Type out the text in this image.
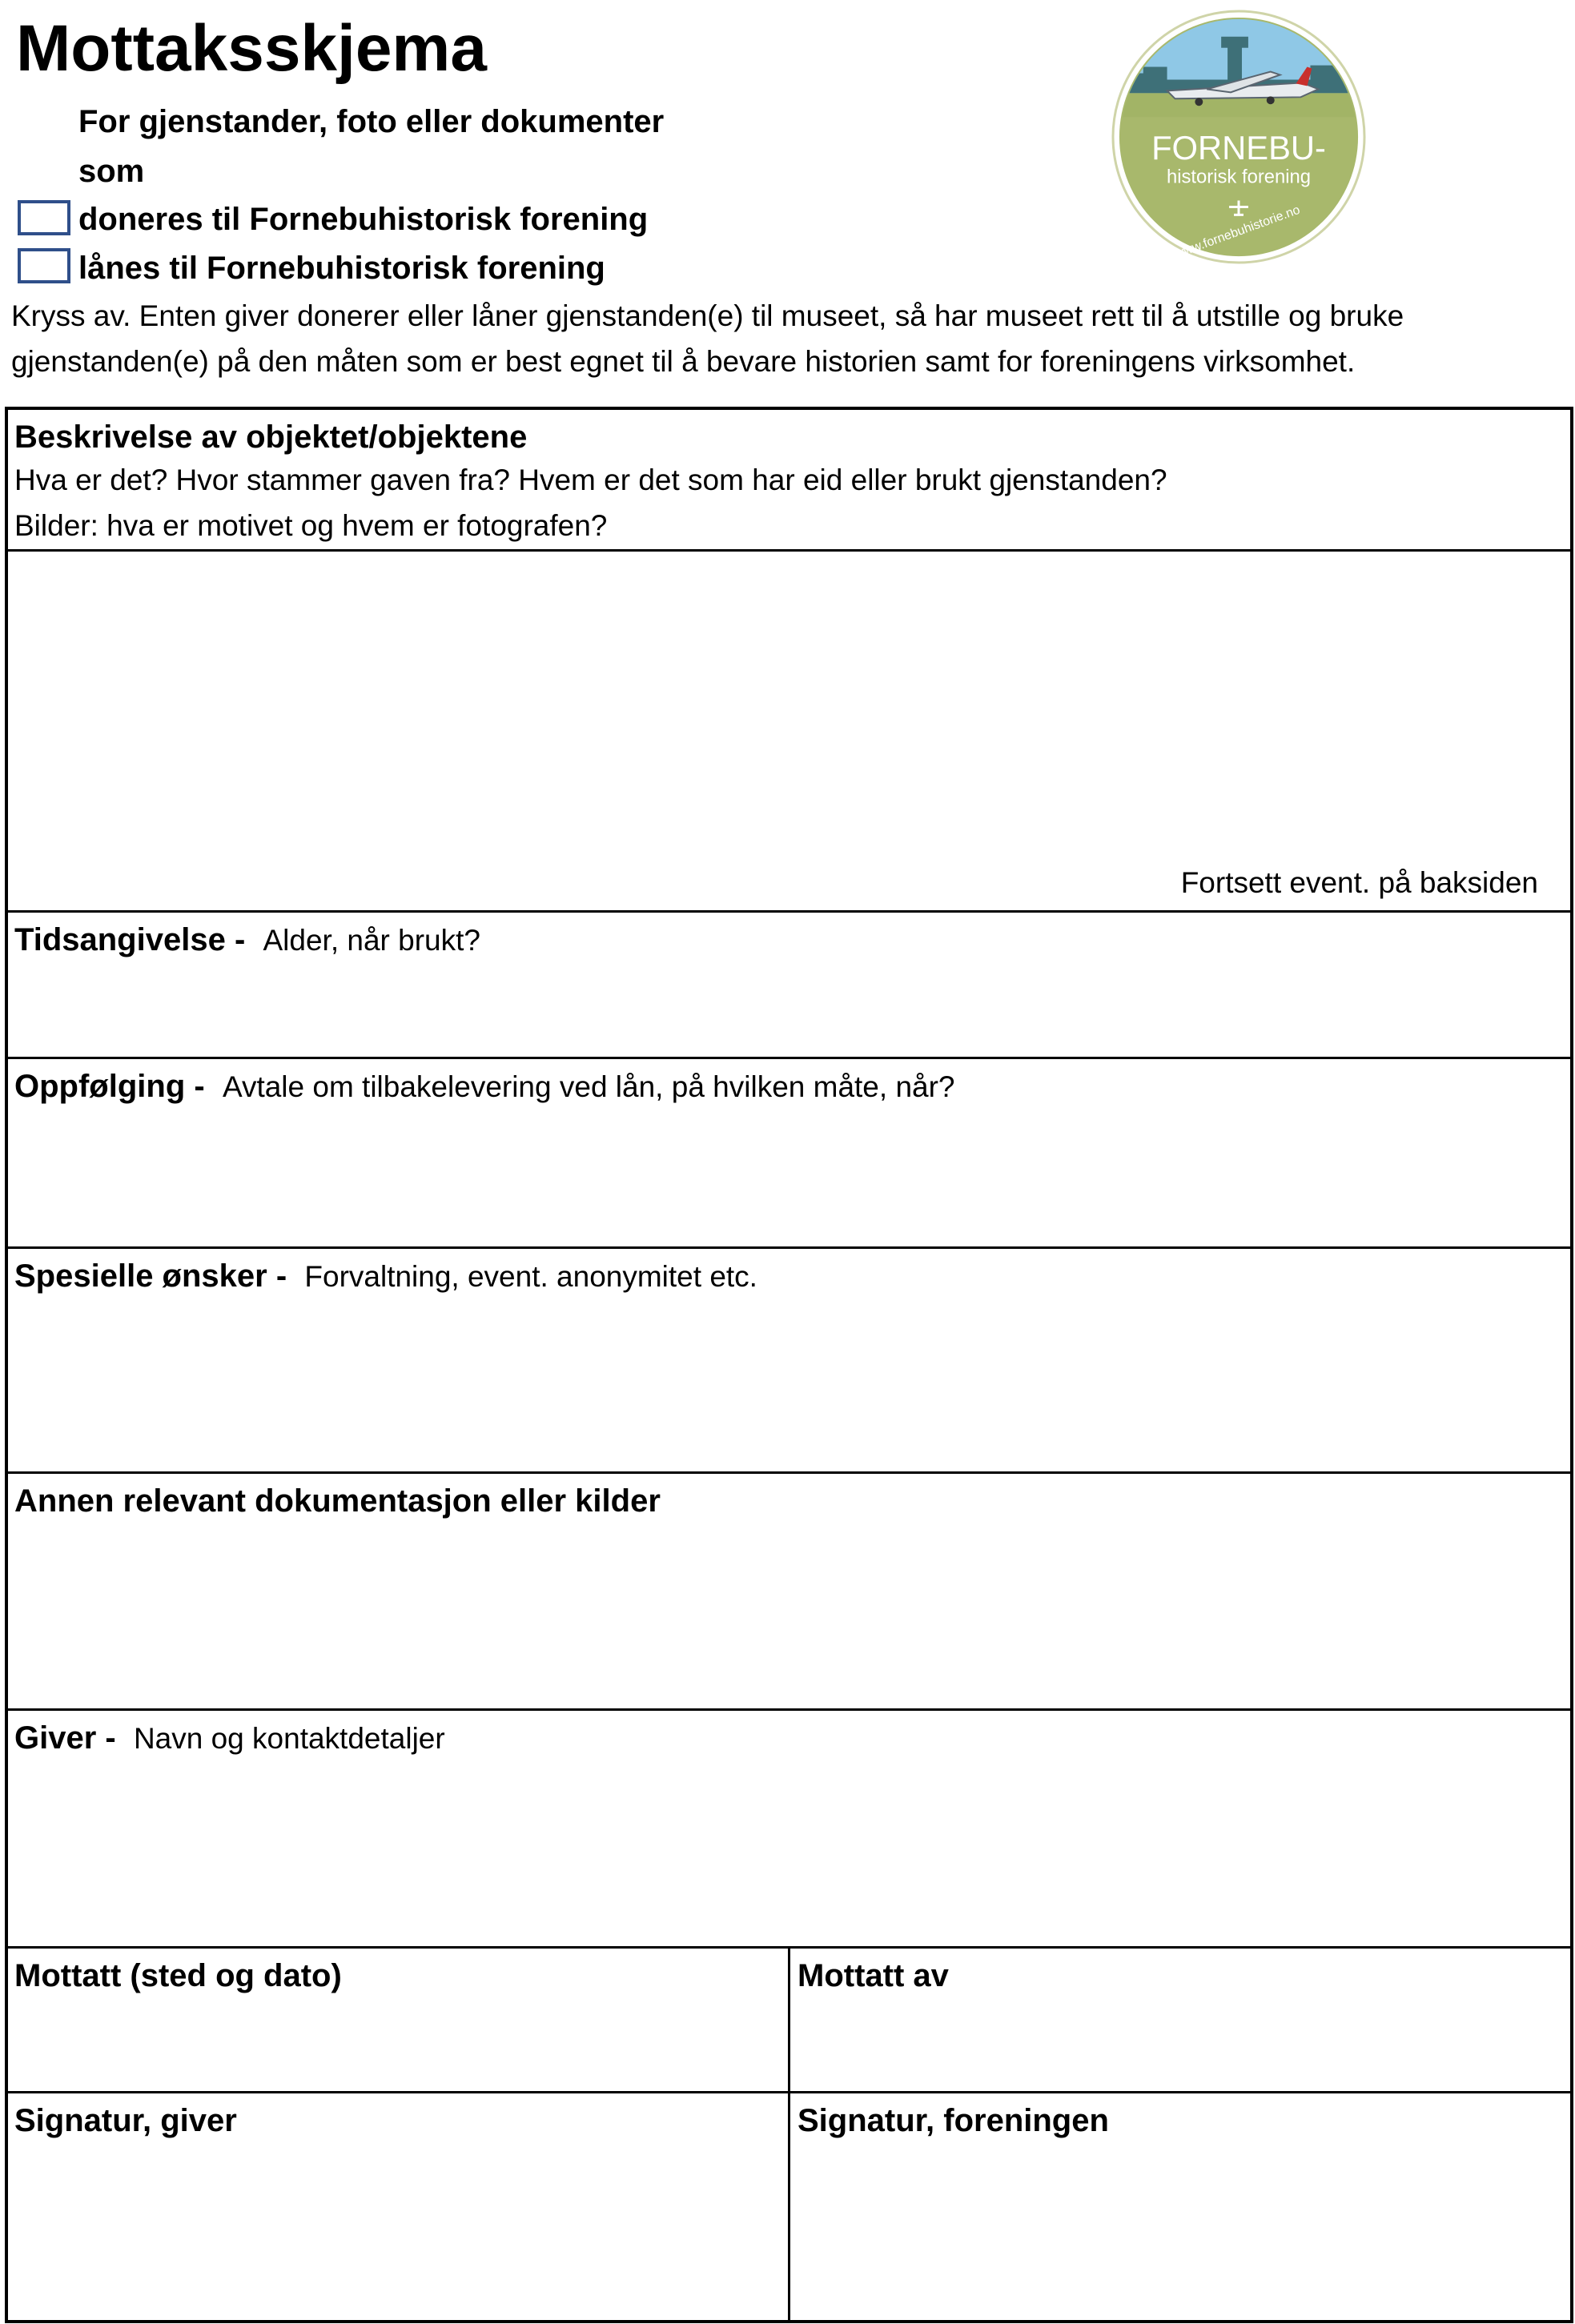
Mottaksskjema
For gjenstander, foto eller dokumenter
som
doneres til Fornebuhistorisk forening
lånes til Fornebuhistorisk forening
Kryss av. Enten giver donerer eller låner gjenstanden(e) til museet, så har museet rett til å utstille og bruke
gjenstanden(e) på den måten som er best egnet til å bevare historien samt for foreningens virksomhet.
FORNEBU-
historisk forening
www.fornebuhistorie.no
Beskrivelse av objektet/objektene
Hva er det? Hvor stammer gaven fra? Hvem er det som har eid eller brukt gjenstanden?
Bilder: hva er motivet og hvem er fotografen?
Fortsett event. på baksiden
Tidsangivelse - Alder, når brukt?
Oppfølging - Avtale om tilbakelevering ved lån, på hvilken måte, når?
Spesielle ønsker - Forvaltning, event. anonymitet etc.
Annen relevant dokumentasjon eller kilder
Giver - Navn og kontaktdetaljer
Mottatt (sted og dato)	Mottatt av
Signatur, giver	Signatur, foreningen
